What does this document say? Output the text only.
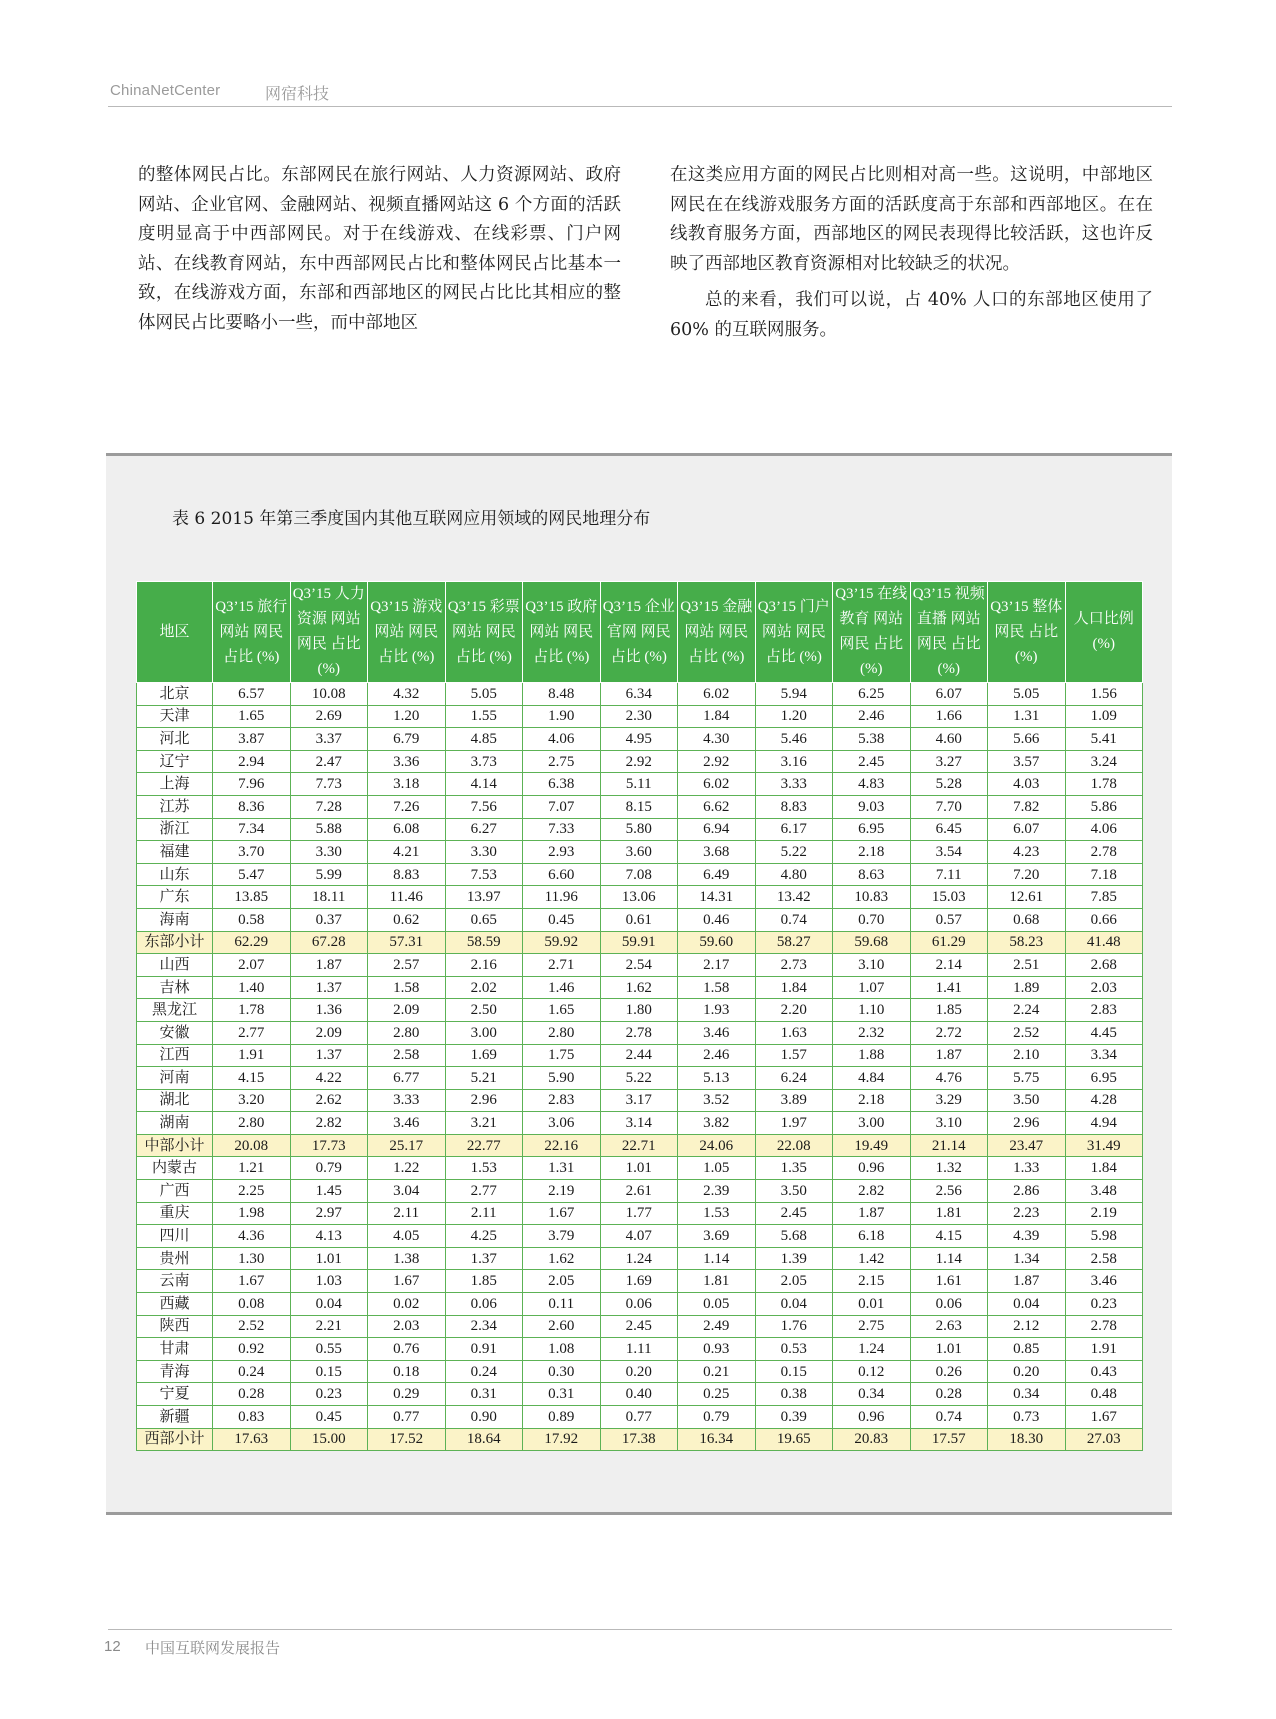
ChinaNetCenter	网宿科技

的整体网民占比。东部网民在旅行网站、人力资源网站、政府网站、企业官网、金融网站、视频直播网站这 6 个方面的活跃度明显高于中西部网民。对于在线游戏、在线彩票、门户网站、在线教育网站，东中西部网民占比和整体网民占比基本一致，在线游戏方面，东部和西部地区的网民占比比其相应的整体网民占比要略小一些，而中部地区

在这类应用方面的网民占比则相对高一些。这说明，中部地区网民在在线游戏服务方面的活跃度高于东部和西部地区。在在线教育服务方面，西部地区的网民表现得比较活跃，这也许反映了西部地区教育资源相对比较缺乏的状况。

总的来看，我们可以说，占 40% 人口的东部地区使用了 60% 的互联网服务。

表 6 2015 年第三季度国内其他互联网应用领域的网民地理分布
地区	Q3’15 旅行网站 网民占比 (%)	Q3’15 人力资源 网站网民 占比 (%)	Q3’15 游戏网站 网民占比 (%)	Q3’15 彩票网站 网民占比 (%)	Q3’15 政府网站 网民占比 (%)	Q3’15 企业官网 网民占比 (%)	Q3’15 金融网站 网民占比 (%)	Q3’15 门户网站 网民占比 (%)	Q3’15 在线教育 网站网民 占比 (%)	Q3’15 视频直播 网站网民 占比 (%)	Q3’15 整体网民 占比 (%)	人口比例 (%)
北京	6.57	10.08	4.32	5.05	8.48	6.34	6.02	5.94	6.25	6.07	5.05	1.56
天津	1.65	2.69	1.20	1.55	1.90	2.30	1.84	1.20	2.46	1.66	1.31	1.09
河北	3.87	3.37	6.79	4.85	4.06	4.95	4.30	5.46	5.38	4.60	5.66	5.41
辽宁	2.94	2.47	3.36	3.73	2.75	2.92	2.92	3.16	2.45	3.27	3.57	3.24
上海	7.96	7.73	3.18	4.14	6.38	5.11	6.02	3.33	4.83	5.28	4.03	1.78
江苏	8.36	7.28	7.26	7.56	7.07	8.15	6.62	8.83	9.03	7.70	7.82	5.86
浙江	7.34	5.88	6.08	6.27	7.33	5.80	6.94	6.17	6.95	6.45	6.07	4.06
福建	3.70	3.30	4.21	3.30	2.93	3.60	3.68	5.22	2.18	3.54	4.23	2.78
山东	5.47	5.99	8.83	7.53	6.60	7.08	6.49	4.80	8.63	7.11	7.20	7.18
广东	13.85	18.11	11.46	13.97	11.96	13.06	14.31	13.42	10.83	15.03	12.61	7.85
海南	0.58	0.37	0.62	0.65	0.45	0.61	0.46	0.74	0.70	0.57	0.68	0.66
东部小计	62.29	67.28	57.31	58.59	59.92	59.91	59.60	58.27	59.68	61.29	58.23	41.48
山西	2.07	1.87	2.57	2.16	2.71	2.54	2.17	2.73	3.10	2.14	2.51	2.68
吉林	1.40	1.37	1.58	2.02	1.46	1.62	1.58	1.84	1.07	1.41	1.89	2.03
黑龙江	1.78	1.36	2.09	2.50	1.65	1.80	1.93	2.20	1.10	1.85	2.24	2.83
安徽	2.77	2.09	2.80	3.00	2.80	2.78	3.46	1.63	2.32	2.72	2.52	4.45
江西	1.91	1.37	2.58	1.69	1.75	2.44	2.46	1.57	1.88	1.87	2.10	3.34
河南	4.15	4.22	6.77	5.21	5.90	5.22	5.13	6.24	4.84	4.76	5.75	6.95
湖北	3.20	2.62	3.33	2.96	2.83	3.17	3.52	3.89	2.18	3.29	3.50	4.28
湖南	2.80	2.82	3.46	3.21	3.06	3.14	3.82	1.97	3.00	3.10	2.96	4.94
中部小计	20.08	17.73	25.17	22.77	22.16	22.71	24.06	22.08	19.49	21.14	23.47	31.49
内蒙古	1.21	0.79	1.22	1.53	1.31	1.01	1.05	1.35	0.96	1.32	1.33	1.84
广西	2.25	1.45	3.04	2.77	2.19	2.61	2.39	3.50	2.82	2.56	2.86	3.48
重庆	1.98	2.97	2.11	2.11	1.67	1.77	1.53	2.45	1.87	1.81	2.23	2.19
四川	4.36	4.13	4.05	4.25	3.79	4.07	3.69	5.68	6.18	4.15	4.39	5.98
贵州	1.30	1.01	1.38	1.37	1.62	1.24	1.14	1.39	1.42	1.14	1.34	2.58
云南	1.67	1.03	1.67	1.85	2.05	1.69	1.81	2.05	2.15	1.61	1.87	3.46
西藏	0.08	0.04	0.02	0.06	0.11	0.06	0.05	0.04	0.01	0.06	0.04	0.23
陕西	2.52	2.21	2.03	2.34	2.60	2.45	2.49	1.76	2.75	2.63	2.12	2.78
甘肃	0.92	0.55	0.76	0.91	1.08	1.11	0.93	0.53	1.24	1.01	0.85	1.91
青海	0.24	0.15	0.18	0.24	0.30	0.20	0.21	0.15	0.12	0.26	0.20	0.43
宁夏	0.28	0.23	0.29	0.31	0.31	0.40	0.25	0.38	0.34	0.28	0.34	0.48
新疆	0.83	0.45	0.77	0.90	0.89	0.77	0.79	0.39	0.96	0.74	0.73	1.67
西部小计	17.63	15.00	17.52	18.64	17.92	17.38	16.34	19.65	20.83	17.57	18.30	27.03
12 中国互联网发展报告
